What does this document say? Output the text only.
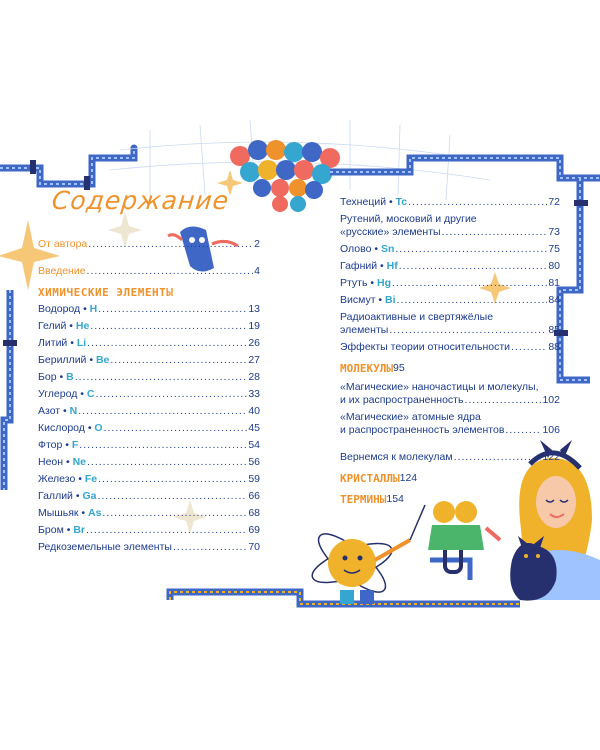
Содержание
От автора .....	2
Введение .....	4
ХИМИЧЕСКИЕ ЭЛЕМЕНТЫ
Водород • H .....	13
Гелий • He .....	19
Литий • Li .....	26
Бериллий • Be .....	27
Бор • B .....	28
Углерод • C .....	33
Азот • N .....	40
Кислород • O .....	45
Фтор • F .....	54
Неон • Ne .....	56
Железо • Fe .....	59
Галлий • Ga .....	66
Мышьяк • As .....	68
Бром • Br .....	69
Редкоземельные элементы .....	70
Технеций • Tc .....	72
Рутений, московий и другие
«русские» элементы .....	73
Олово • Sn .....	75
Гафний • Hf .....	80
Ртуть • Hg .....	81
Висмут • Bi .....	84
Радиоактивные и свертяжёлые
элементы .....	85
Эффекты теории относительности .....	88
МОЛЕКУЛЫ 95
«Магические» наночастицы и молекулы,
и их распространенность .....	102
«Магические» атомные ядра
и распространенность элементов .....	106
Вернемся к молекулам .....	122
КРИСТАЛЛЫ 124
ТЕРМИНЫ 154
